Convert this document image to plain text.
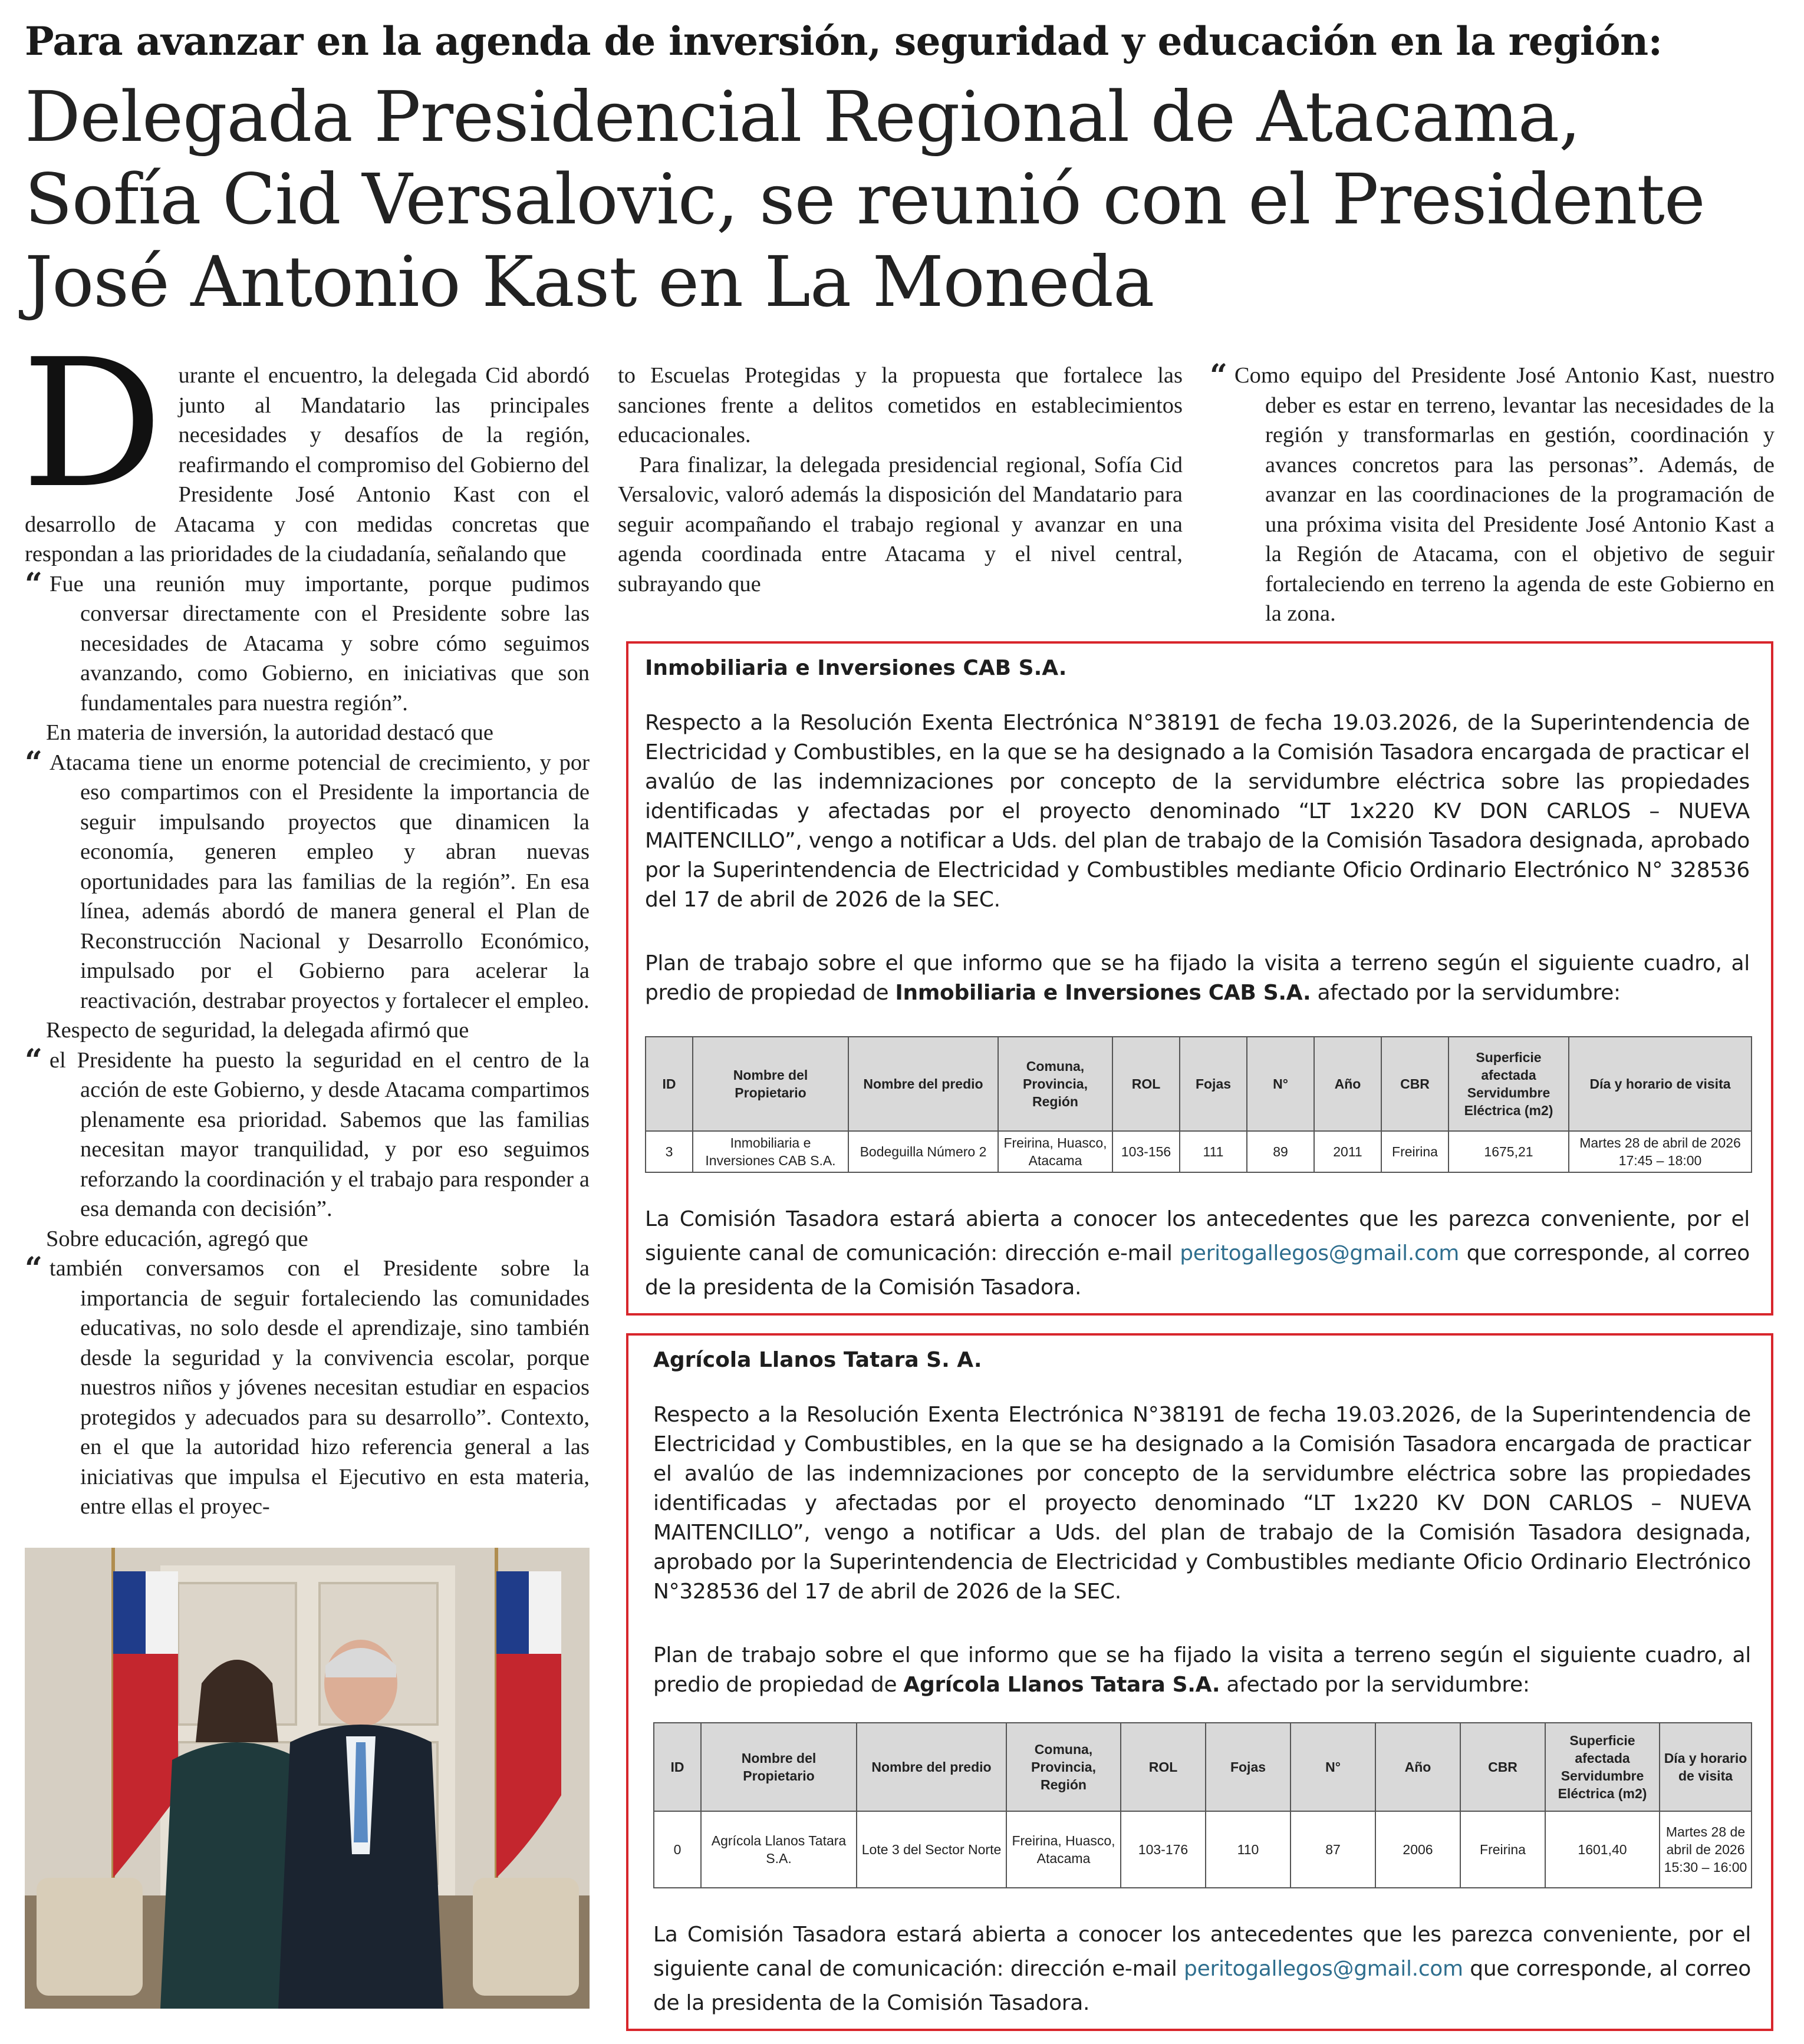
Para avanzar en la agenda de inversión, seguridad y educación en la región:
Delegada Presidencial Regional de Atacama, Sofía Cid Versalovic, se reunió con el Presidente José Antonio Kast en La Moneda

Durante el encuentro, la delegada Cid abordó junto al Mandatario las principales necesidades y desafíos de la región, reafirmando el compromiso del Gobierno del Presidente José Antonio Kast con el desarrollo de Atacama y con medidas concretas que respondan a las prioridades de la ciudadanía, señalando que

“ Fue una reunión muy importante, porque pudimos conversar directamente con el Presidente sobre las necesidades de Atacama y sobre cómo seguimos avanzando, como Gobierno, en iniciativas que son fundamentales para nuestra región”.

En materia de inversión, la autoridad destacó que

“ Atacama tiene un enorme potencial de crecimiento, y por eso compartimos con el Presidente la importancia de seguir impulsando proyectos que dinamicen la economía, generen empleo y abran nuevas oportunidades para las familias de la región”. En esa línea, además abordó de manera general el Plan de Reconstrucción Nacional y Desarrollo Económico, impulsado por el Gobierno para acelerar la reactivación, destrabar proyectos y fortalecer el empleo.

Respecto de seguridad, la delegada afirmó que

“ el Presidente ha puesto la seguridad en el centro de la acción de este Gobierno, y desde Atacama compartimos plenamente esa prioridad. Sabemos que las familias necesitan mayor tranquilidad, y por eso seguimos reforzando la coordinación y el trabajo para responder a esa demanda con decisión”.

Sobre educación, agregó que

“ también conversamos con el Presidente sobre la importancia de seguir fortaleciendo las comunidades educativas, no solo desde el aprendizaje, sino también desde la seguridad y la convivencia escolar, porque nuestros niños y jóvenes necesitan estudiar en espacios protegidos y adecuados para su desarrollo”. Contexto, en el que la autoridad hizo referencia general a las iniciativas que impulsa el Ejecutivo en esta materia, entre ellas el proyec-

to Escuelas Protegidas y la propuesta que fortalece las sanciones frente a delitos cometidos en establecimientos educacionales.

Para finalizar, la delegada presidencial regional, Sofía Cid Versalovic, valoró además la disposición del Mandatario para seguir acompañando el trabajo regional y avanzar en una agenda coordinada entre Atacama y el nivel central, subrayando que

“ Como equipo del Presidente José Antonio Kast, nuestro deber es estar en terreno, levantar las necesidades de la región y transformarlas en gestión, coordinación y avances concretos para las personas”. Además, de avanzar en las coordinaciones de la programación de una próxima visita del Presidente José Antonio Kast a la Región de Atacama, con el objetivo de seguir fortaleciendo en terreno la agenda de este Gobierno en la zona.

Inmobiliaria e Inversiones CAB S.A.
Respecto a la Resolución Exenta Electrónica N°38191 de fecha 19.03.2026, de la Superintendencia de Electricidad y Combustibles, en la que se ha designado a la Comisión Tasadora encargada de practicar el avalúo de las indemnizaciones por concepto de la servidumbre eléctrica sobre las propiedades identificadas y afectadas por el proyecto denominado “LT 1x220 KV DON CARLOS – NUEVA MAITENCILLO”, vengo a notificar a Uds. del plan de trabajo de la Comisión Tasadora designada, aprobado por la Superintendencia de Electricidad y Combustibles mediante Oficio Ordinario Electrónico N° 328536 del 17 de abril de 2026 de la SEC.
Plan de trabajo sobre el que informo que se ha fijado la visita a terreno según el siguiente cuadro, al predio de propiedad de Inmobiliaria e Inversiones CAB S.A. afectado por la servidumbre:
ID	Nombre del Propietario	Nombre del predio	Comuna, Provincia, Región	ROL	Fojas	N°	Año	CBR	Superficie afectada Servidumbre Eléctrica (m2)	Día y horario de visita
3	Inmobiliaria e Inversiones CAB S.A.	Bodeguilla Número 2	Freirina, Huasco, Atacama	103-156	111	89	2011	Freirina	1675,21	Martes 28 de abril de 2026 17:45 – 18:00
La Comisión Tasadora estará abierta a conocer los antecedentes que les parezca conveniente, por el siguiente canal de comunicación: dirección e-mail peritogallegos@gmail.com que corresponde, al correo de la presidenta de la Comisión Tasadora.
Agrícola Llanos Tatara S. A.
Respecto a la Resolución Exenta Electrónica N°38191 de fecha 19.03.2026, de la Superintendencia de Electricidad y Combustibles, en la que se ha designado a la Comisión Tasadora encargada de practicar el avalúo de las indemnizaciones por concepto de la servidumbre eléctrica sobre las propiedades identificadas y afectadas por el proyecto denominado “LT 1x220 KV DON CARLOS – NUEVA MAITENCILLO”, vengo a notificar a Uds. del plan de trabajo de la Comisión Tasadora designada, aprobado por la Superintendencia de Electricidad y Combustibles mediante Oficio Ordinario Electrónico N°328536 del 17 de abril de 2026 de la SEC.
Plan de trabajo sobre el que informo que se ha fijado la visita a terreno según el siguiente cuadro, al predio de propiedad de Agrícola Llanos Tatara S.A. afectado por la servidumbre:
ID	Nombre del Propietario	Nombre del predio	Comuna, Provincia, Región	ROL	Fojas	N°	Año	CBR	Superficie afectada Servidumbre Eléctrica (m2)	Día y horario de visita
0	Agrícola Llanos Tatara S.A.	Lote 3 del Sector Norte	Freirina, Huasco, Atacama	103-176	110	87	2006	Freirina	1601,40	Martes 28 de abril de 2026 15:30 – 16:00
La Comisión Tasadora estará abierta a conocer los antecedentes que les parezca conveniente, por el siguiente canal de comunicación: dirección e-mail peritogallegos@gmail.com que corresponde, al correo de la presidenta de la Comisión Tasadora.
